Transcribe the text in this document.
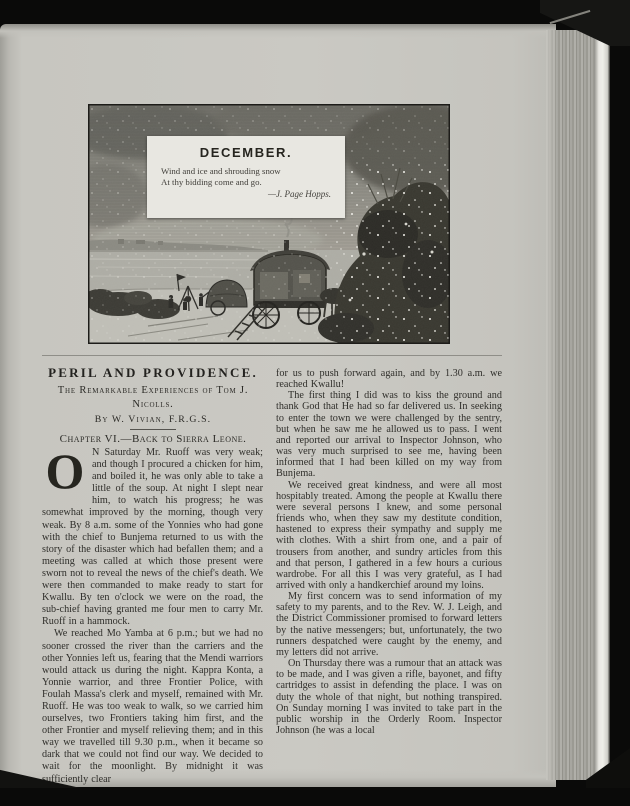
DECEMBER.
Wind and ice and shrouding snow
At thy bidding come and go.
—J. Page Hopps.
PERIL AND PROVIDENCE.
The Remarkable Experiences of Tom J.
Nicolls.
By W. Vivian, F.R.G.S.
Chapter VI.—Back to Sierra Leone.

O N Saturday Mr. Ruoff was very weak; and though I procured a chicken for him, and boiled it, he was only able to take a little of the soup. At night I slept near him, to watch his progress; he was somewhat improved by the morning, though very weak. By 8 a.m. some of the Yonnies who had gone with the chief to Bunjema returned to us with the story of the disaster which had befallen them; and a meeting was called at which those present were sworn not to reveal the news of the chief's death. We were then commanded to make ready to start for Kwallu. By ten o'clock we were on the road, the sub-chief having granted me four men to carry Mr. Ruoff in a hammock.

We reached Mo Yamba at 6 p.m.; but we had no sooner crossed the river than the carriers and the other Yonnies left us, fearing that the Mendi warriors would attack us during the night. Kappra Konta, a Yonnie warrior, and three Frontier Police, with Foulah Massa's clerk and myself, remained with Mr. Ruoff. He was too weak to walk, so we carried him ourselves, two Frontiers taking him first, and the other Frontier and myself relieving them; and in this way we travelled till 9.30 p.m., when it became so dark that we could not find our way. We decided to wait for the moonlight. By midnight it was sufficiently clear

for us to push forward again, and by 1.30 a.m. we reached Kwallu!

The first thing I did was to kiss the ground and thank God that He had so far delivered us. In seeking to enter the town we were challenged by the sentry, but when he saw me he allowed us to pass. I went and reported our arrival to Inspector Johnson, who was very much surprised to see me, having been informed that I had been killed on my way from Bunjema.

We received great kindness, and were all most hospitably treated. Among the people at Kwallu there were several persons I knew, and some personal friends who, when they saw my destitute condition, hastened to express their sympathy and supply me with clothes. With a shirt from one, and a pair of trousers from another, and sundry articles from this and that person, I gathered in a few hours a curious wardrobe. For all this I was very grateful, as I had arrived with only a handkerchief around my loins.

My first concern was to send information of my safety to my parents, and to the Rev. W. J. Leigh, and the District Commissioner promised to forward letters by the native messengers; but, unfortunately, the two runners despatched were caught by the enemy, and my letters did not arrive.

On Thursday there was a rumour that an attack was to be made, and I was given a rifle, bayonet, and fifty cartridges to assist in defending the place. I was on duty the whole of that night, but nothing transpired. On Sunday morning I was invited to take part in the public worship in the Orderly Room. Inspector Johnson (he was a local
